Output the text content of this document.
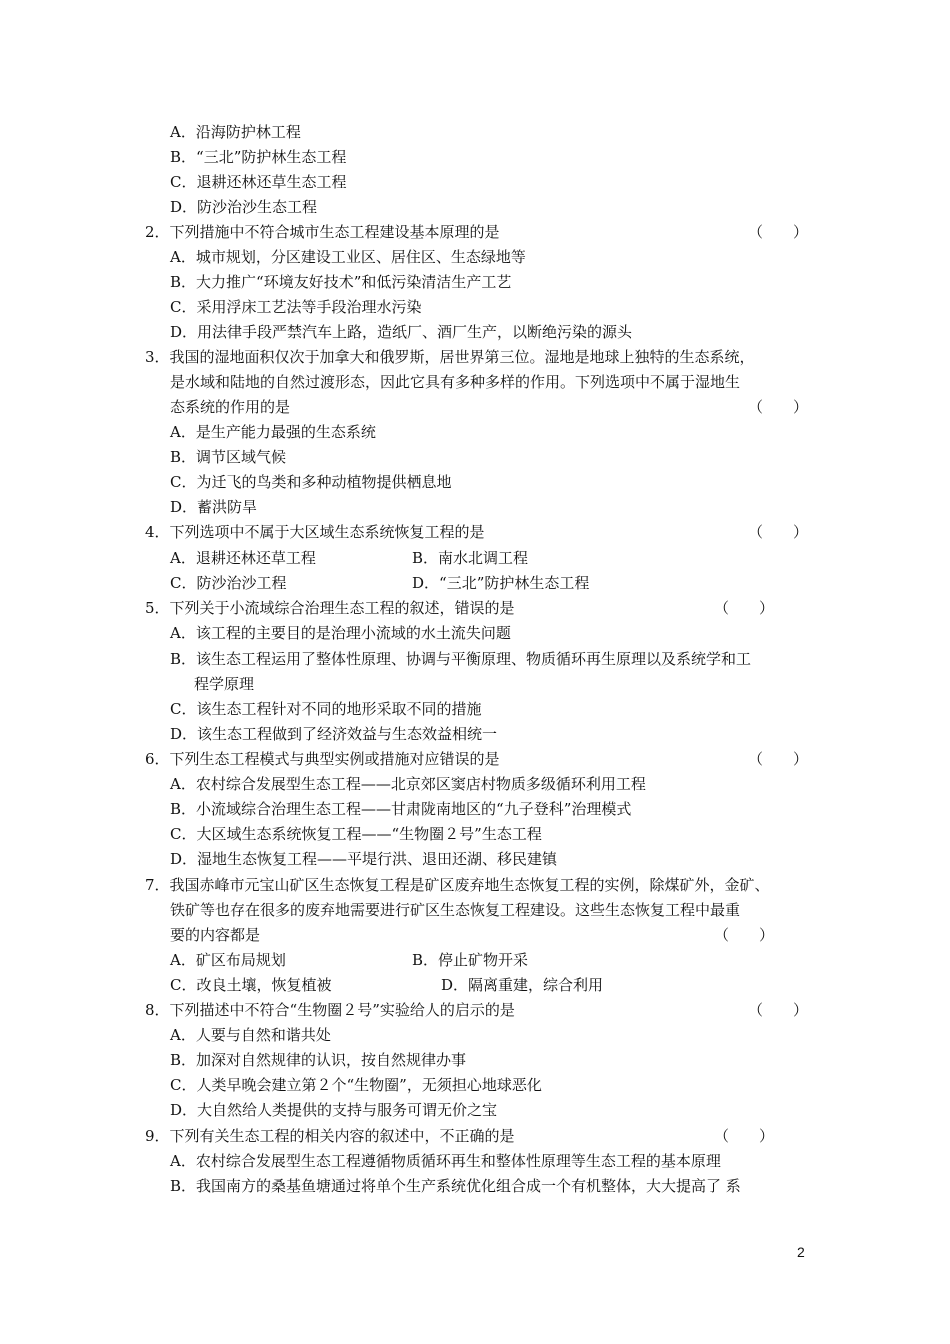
A．沿海防护林工程
B．“三北”防护林生态工程
C．退耕还林还草生态工程
D．防沙治沙生态工程
2．下列措施中不符合城市生态工程建设基本原理的是	（　　）
A．城市规划，分区建设工业区、居住区、生态绿地等
B．大力推广“环境友好技术”和低污染清洁生产工艺
C．采用浮床工艺法等手段治理水污染
D．用法律手段严禁汽车上路，造纸厂、酒厂生产，以断绝污染的源头
3．我国的湿地面积仅次于加拿大和俄罗斯，居世界第三位。湿地是地球上独特的生态系统，
是水域和陆地的自然过渡形态，因此它具有多种多样的作用。下列选项中不属于湿地生
态系统的作用的是	（　　）
A．是生产能力最强的生态系统
B．调节区域气候
C．为迁飞的鸟类和多种动植物提供栖息地
D．蓄洪防旱
4．下列选项中不属于大区域生态系统恢复工程的是	（　　）
A．退耕还林还草工程	B．南水北调工程
C．防沙治沙工程	D．“三北”防护林生态工程
5．下列关于小流域综合治理生态工程的叙述，错误的是	（　　）
A．该工程的主要目的是治理小流域的水土流失问题
B．该生态工程运用了整体性原理、协调与平衡原理、物质循环再生原理以及系统学和工
程学原理
C．该生态工程针对不同的地形采取不同的措施
D．该生态工程做到了经济效益与生态效益相统一
6．下列生态工程模式与典型实例或措施对应错误的是	（　　）
A．农村综合发展型生态工程——北京郊区窦店村物质多级循环利用工程
B．小流域综合治理生态工程——甘肃陇南地区的“九子登科”治理模式
C．大区域生态系统恢复工程——“生物圈２号”生态工程
D．湿地生态恢复工程——平堤行洪、退田还湖、移民建镇
7．我国赤峰市元宝山矿区生态恢复工程是矿区废弃地生态恢复工程的实例，除煤矿外，金矿、
铁矿等也存在很多的废弃地需要进行矿区生态恢复工程建设。这些生态恢复工程中最重
要的内容都是	（　　）
A．矿区布局规划	B．停止矿物开采
C．改良土壤，恢复植被	D．隔离重建，综合利用
8．下列描述中不符合“生物圈２号”实验给人的启示的是	（　　）
A．人要与自然和谐共处
B．加深对自然规律的认识，按自然规律办事
C．人类早晚会建立第２个“生物圈”，无须担心地球恶化
D．大自然给人类提供的支持与服务可谓无价之宝
9．下列有关生态工程的相关内容的叙述中，不正确的是	（　　）
A．农村综合发展型生态工程遵循物质循环再生和整体性原理等生态工程的基本原理
B．我国南方的桑基鱼塘通过将单个生产系统优化组合成一个有机整体，大大提高了 系
2
